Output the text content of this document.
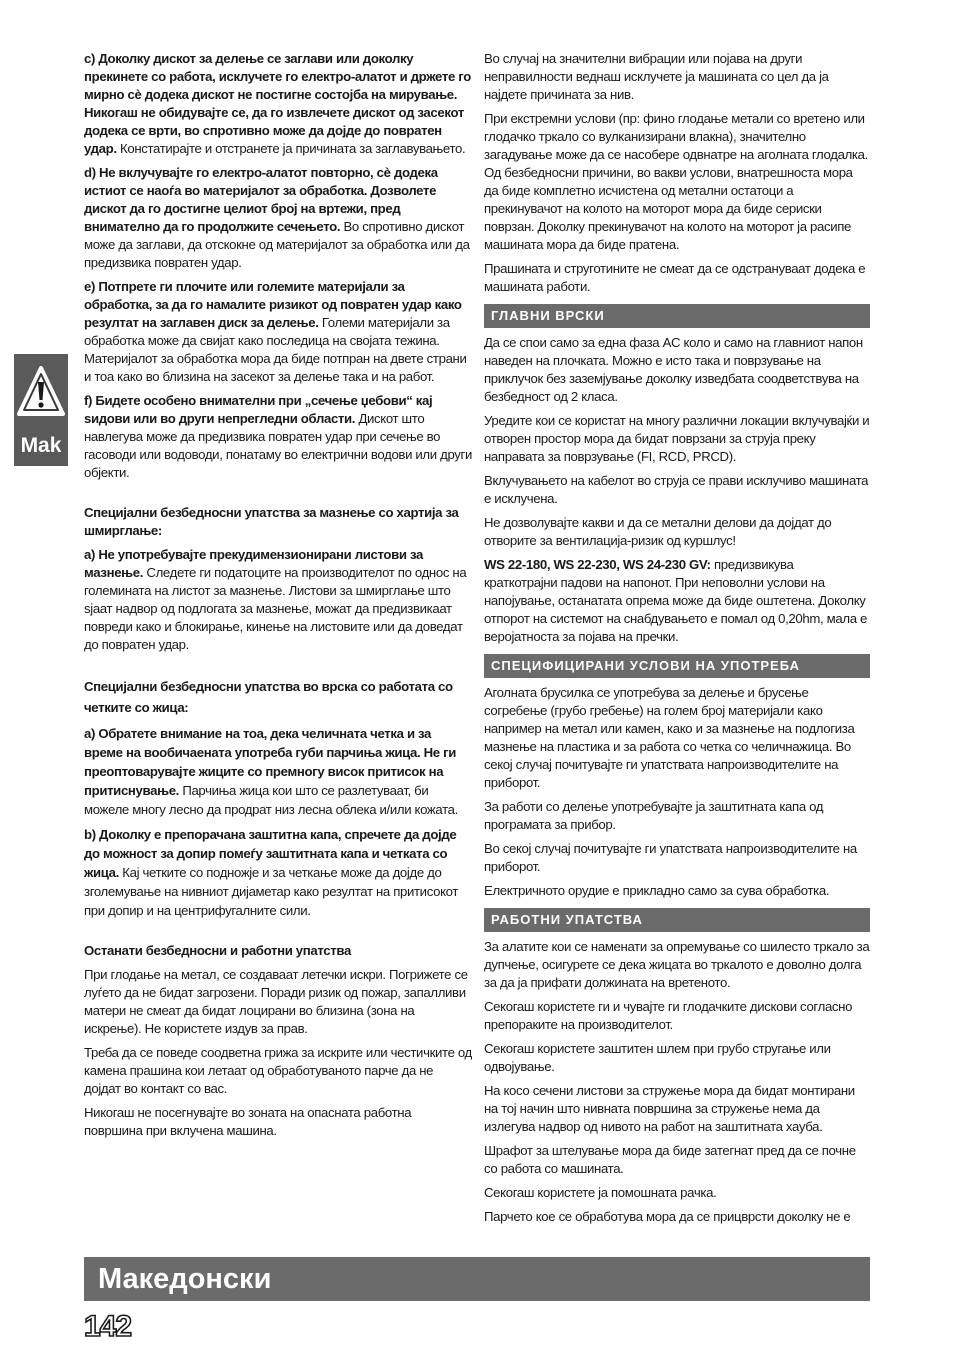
Mak

c) Доколку дискот за делење се заглави или доколку прекинете со работа, исклучете го електро-алатот и држете го мирно сè додека дискот не постигне состојба на мирување. Никогаш не обидувајте се, да го извлечете дискот од засекот додека се врти, во спротивно може да дојде до повратен удар. Констатирајте и отстранете ја причината за заглавувањето.

d) Не вклучувајте го електро-алатот повторно, сè додека истиот се наоѓа во материјалот за обработка. Дозволете дискот да го достигне целиот број на вртежи, пред внимателно да го продолжите сечењето. Во спротивно дискот може да заглави, да отскокне од материјалот за обработка или да предизвика повратен удар.

e) Потпрете ги плочите или големите материјали за обработка, за да го намалите ризикот од повратен удар како резултат на заглавен диск за делење. Големи материјали за обработка може да свијат како последица на својата тежина. Материјалот за обработка мора да биде потпран на двете страни и тоа како во близина на засекот за делење така и на работ.

f) Бидете особено внимателни при „сечење џебови“ кај ѕидови или во други непрегледни области. Дискот што навлегува може да предизвика повратен удар при сечење во гасоводи или водоводи, понатаму во електрични водови или други објекти.

Специјални безбедносни упатства за мазнење со хартија за шмирглање:

a) Не употребувајте прекудимензионирани листови за мазнење. Следете ги податоците на производителот по однос на големината на листот за мазнење. Листови за шмирглање што ѕјаат надвор од подлогата за мазнење, можат да предизвикаат повреди како и блокирање, кинење на листовите или да доведат до повратен удар.

Специјални безбедносни упатства во врска со работата со четките со жица:

a) Обратете внимание на тоа, дека челичната четка и за време на вообичаената употреба губи парчиња жица. Не ги преоптоварувајте жиците со премногу висок притисок на притиснување. Парчиња жица кои што се разлетуваат, би можеле многу лесно да продрат низ лесна облека и/или кожата.

b) Доколку е препорачана заштитна капа, спречете да дојде до можност за допир помеѓу заштитната капа и четката со жица. Кај четките со подножје и за четкање може да дојде до зголемување на нивниот дијаметар како резултат на притисокот при допир и на центрифугалните сили.

Останати безбедносни и работни упатства

При глодање на метал, се создаваат летечки искри. Погрижете се луѓето да не бидат загрозени. Поради ризик од пожар, запалливи матери не смеат да бидат лоцирани во близина (зона на искрење). Не користете издув за прав.

Треба да се поведе соодветна грижа за искрите или честичките од камена прашина кои летаат од обработуваното парче да не дојдат во контакт со вас.

Никогаш не посегнувајте во зоната на опасната работна површина при вклучена машина.

Во случај на значителни вибрации или појава на други неправилности веднаш исклучете ја машината со цел да ја најдете причината за нив.

При екстремни услови (пр: фино глодање метали со вретено или глодачко тркало со вулканизирани влакна), значително загадување може да се насобере одвнатре на аголната глодалка. Од безбедносни причини, во вакви услови, внатрешноста мора да биде комплетно исчистена од метални остатоци а прекинувачот на колото на моторот мора да биде сериски поврзан. Доколку прекинувачот на колото на моторот ја расипе машината мора да биде пратена.

Прашината и струготините не смеат да се одстрануваат додека е машината работи.

ГЛАВНИ ВРСКИ

Да се спои само за една фаза AC коло и само на главниот напон наведен на плочката. Можно е исто така и поврзување на приклучок без заземјување доколку изведбата соодветствува на безбедност од 2 класа.

Уредите кои се користат на многу различни локации вклучувајќи и отворен простор мора да бидат поврзани за струја преку направата за поврзување (FI, RCD, PRCD).

Вклучувањето на кабелот во струја се прави исклучиво машината е исклучена.

Не дозволувајте какви и да се метални делови да дојдат до отворите за вентилација-ризик од куршлус!

WS 22-180, WS 22-230, WS 24-230 GV: предизвикува краткотрајни падови на напонот. При неповолни услови на напојување, останатата опрема може да биде оштетена. Доколку отпорот на системот на снабдувањето е помал од 0,20hm, мала е веројатноста за појава на пречки.

СПЕЦИФИЦИРАНИ УСЛОВИ НА УПОТРЕБА

Аголната брусилка се употребува за делење и брусење согребење (грубо гребење) на голем број материјали како например на метал или камен, како и за мазнење на подлогиза мазнење на пластика и за работа со четка со челичнажица. Во секој случај почитувајте ги упатствата напроизводителите на приборот.

За работи со делење употребувајте ја заштитната капа од програмата за прибор.

Во секој случај почитувајте ги упатствата напроизводителите на приборот.

Електричното орудие е прикладно само за сува обработка.

РАБОТНИ УПАТСТВА

За алатите кои се наменати за опремување со шилесто тркало за дупчење, осигурете се дека жицата во тркалото е доволно долга за да ја прифати должината на вретеното.

Секогаш користете ги и чувајте ги глодачките дискови согласно препораките на производителот.

Секогаш користете заштитен шлем при грубо стругање или одвојување.

На косо сечени листови за стружење мора да бидат монтирани на тој начин што нивната површина за стружење нема да излегува надвор од нивото на работ на заштитната хауба.

Шрафот за штелување мора да биде затегнат пред да се почне со работа со машината.

Секогаш користете ја помошната рачка.

Парчето кое се обработува мора да се прицврсти доколку не е

Македонски
142
